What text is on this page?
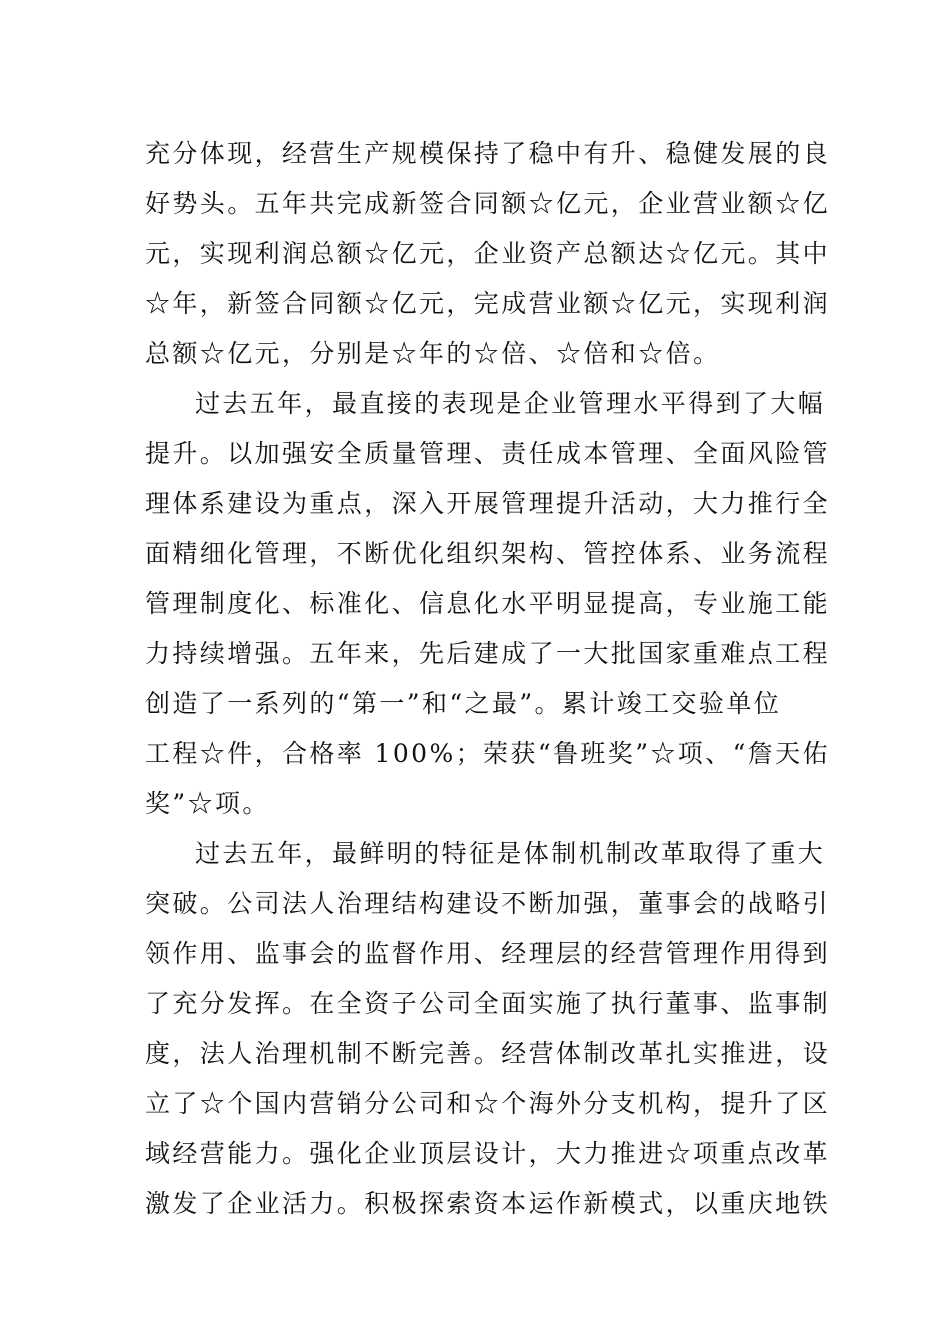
充分体现，经营生产规模保持了稳中有升、稳健发展的良
好势头。五年共完成新签合同额☆亿元，企业营业额☆亿
元，实现利润总额☆亿元，企业资产总额达☆亿元。其中
☆年，新签合同额☆亿元，完成营业额☆亿元，实现利润
总额☆亿元，分别是☆年的☆倍、☆倍和☆倍。
过去五年，最直接的表现是企业管理水平得到了大幅
提升。以加强安全质量管理、责任成本管理、全面风险管
理体系建设为重点，深入开展管理提升活动，大力推行全
面精细化管理，不断优化组织架构、管控体系、业务流程
管理制度化、标准化、信息化水平明显提高，专业施工能
力持续增强。五年来，先后建成了一大批国家重难点工程
创造了一系列的“第一”和“之最”。累计竣工交验单位
工程☆件，合格率 100%；荣获“鲁班奖”☆项、“詹天佑
奖”☆项。
过去五年，最鲜明的特征是体制机制改革取得了重大
突破。公司法人治理结构建设不断加强，董事会的战略引
领作用、监事会的监督作用、经理层的经营管理作用得到
了充分发挥。在全资子公司全面实施了执行董事、监事制
度，法人治理机制不断完善。经营体制改革扎实推进，设
立了☆个国内营销分公司和☆个海外分支机构，提升了区
域经营能力。强化企业顶层设计，大力推进☆项重点改革
激发了企业活力。积极探索资本运作新模式，以重庆地铁
